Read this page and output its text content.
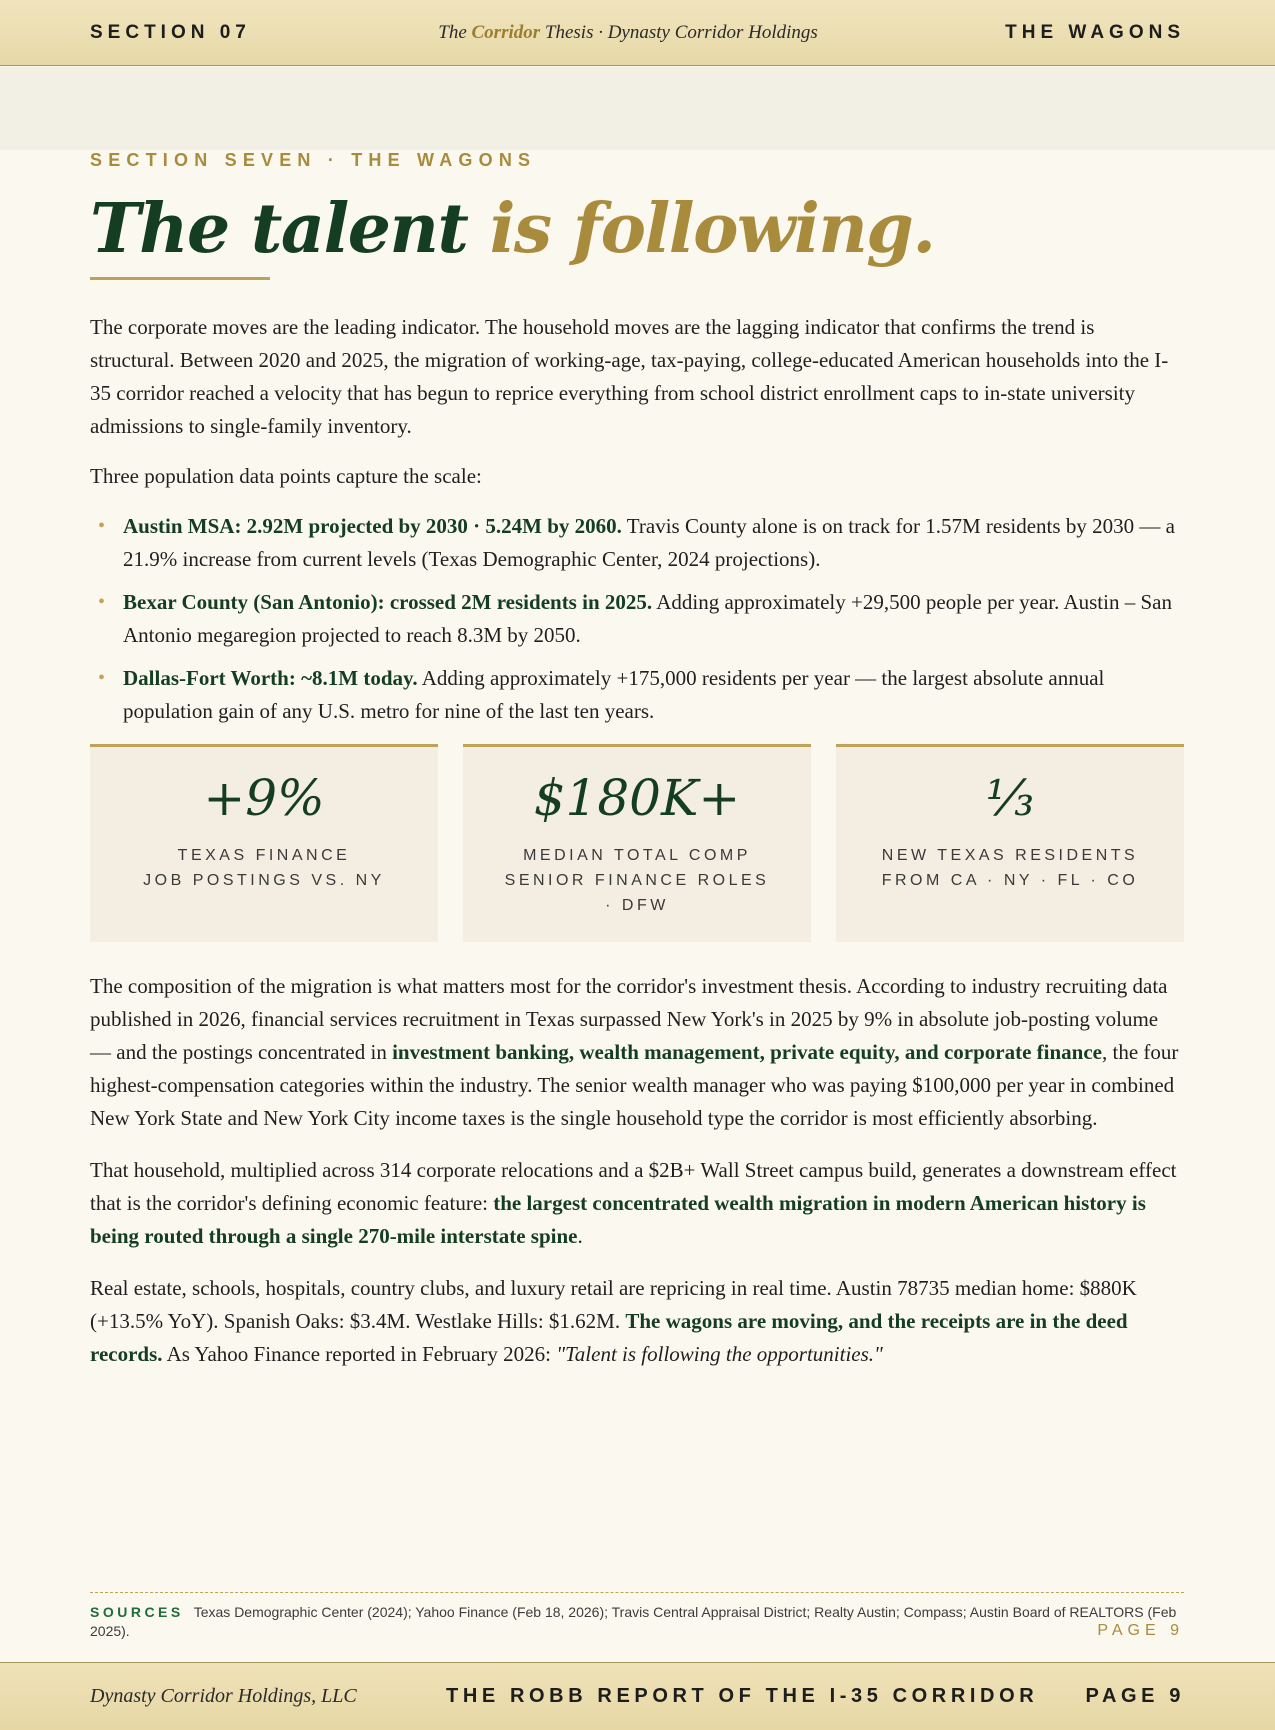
SECTION 07	The Corridor Thesis · Dynasty Corridor Holdings	THE WAGONS
SECTION SEVEN · THE WAGONS
The talent is following.

The corporate moves are the leading indicator. The household moves are the lagging indicator that confirms the trend is structural. Between 2020 and 2025, the migration of working-age, tax-paying, college-educated American households into the I-35 corridor reached a velocity that has begun to reprice everything from school district enrollment caps to in-state university admissions to single-family inventory.

Three population data points capture the scale:

• Austin MSA: 2.92M projected by 2030 · 5.24M by 2060. Travis County alone is on track for 1.57M residents by 2030 — a 21.9% increase from current levels (Texas Demographic Center, 2024 projections).
• Bexar County (San Antonio): crossed 2M residents in 2025. Adding approximately +29,500 people per year. Austin – San Antonio megaregion projected to reach 8.3M by 2050.
• Dallas-Fort Worth: ~8.1M today. Adding approximately +175,000 residents per year — the largest absolute annual population gain of any U.S. metro for nine of the last ten years.
+9%
TEXAS FINANCE
JOB POSTINGS VS. NY
$180K+
MEDIAN TOTAL COMP
SENIOR FINANCE ROLES
· DFW
⅓
NEW TEXAS RESIDENTS
FROM CA · NY · FL · CO

The composition of the migration is what matters most for the corridor's investment thesis. According to industry recruiting data published in 2026, financial services recruitment in Texas surpassed New York's in 2025 by 9% in absolute job-posting volume — and the postings concentrated in investment banking, wealth management, private equity, and corporate finance, the four highest-compensation categories within the industry. The senior wealth manager who was paying $100,000 per year in combined New York State and New York City income taxes is the single household type the corridor is most efficiently absorbing.

That household, multiplied across 314 corporate relocations and a $2B+ Wall Street campus build, generates a downstream effect that is the corridor's defining economic feature: the largest concentrated wealth migration in modern American history is being routed through a single 270-mile interstate spine.

Real estate, schools, hospitals, country clubs, and luxury retail are repricing in real time. Austin 78735 median home: $880K (+13.5% YoY). Spanish Oaks: $3.4M. Westlake Hills: $1.62M. The wagons are moving, and the receipts are in the deed records. As Yahoo Finance reported in February 2026: "Talent is following the opportunities."

SOURCES Texas Demographic Center (2024); Yahoo Finance (Feb 18, 2026); Travis Central Appraisal District; Realty Austin; Compass; Austin Board of REALTORS (Feb 2025).	PAGE 9
Dynasty Corridor Holdings, LLC	THE ROBB REPORT OF THE I-35 CORRIDOR	PAGE 9
